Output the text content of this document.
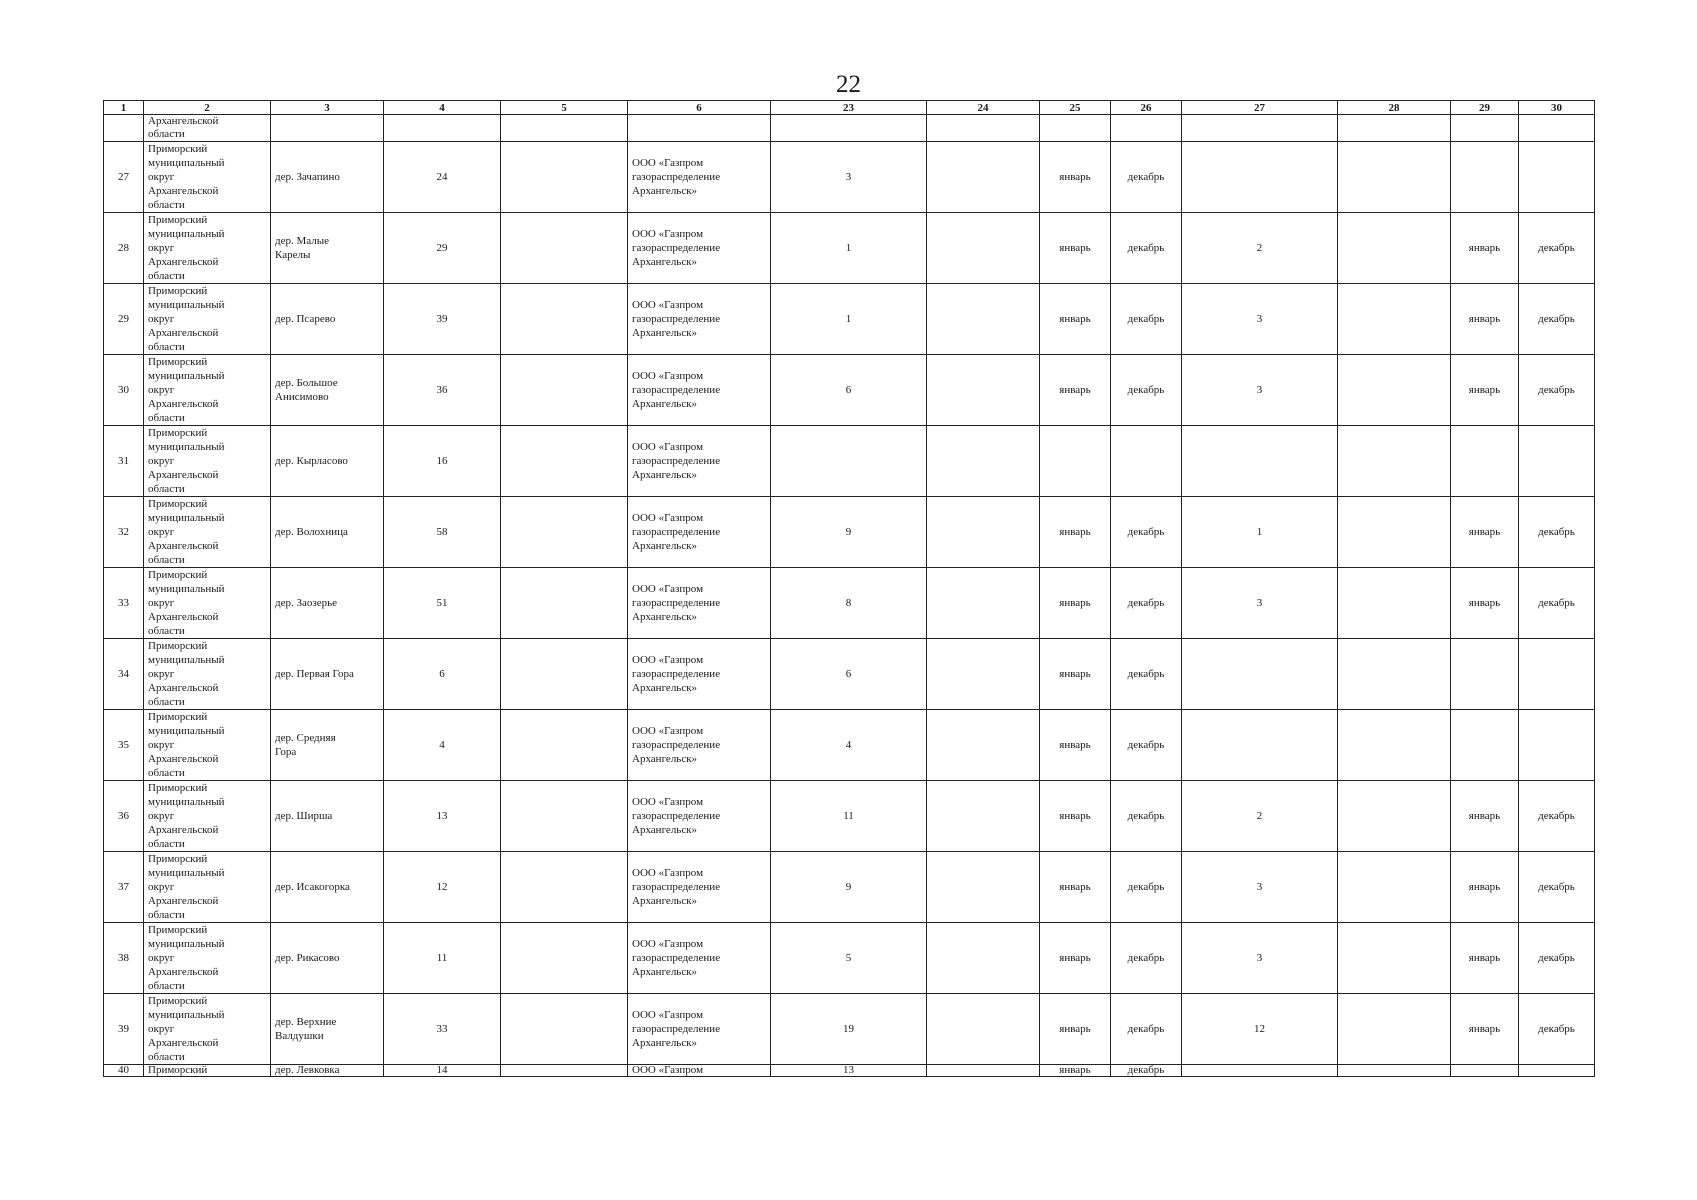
22
1	2	3	4	5	6	23	24	25	26	27	28	29	30

	Архангельской
области												

27	Приморский
муниципальный
округ
Архангельской
области	дер. Зачапино	24		ООО «Газпром
газораспределение
Архангельск»	3		январь	декабрь				
28	Приморский
муниципальный
округ
Архангельской
области	дер. Малые
Карелы	29		ООО «Газпром
газораспределение
Архангельск»	1		январь	декабрь	2		январь	декабрь
29	Приморский
муниципальный
округ
Архангельской
области	дер. Псарево	39		ООО «Газпром
газораспределение
Архангельск»	1		январь	декабрь	3		январь	декабрь
30	Приморский
муниципальный
округ
Архангельской
области	дер. Большое
Анисимово	36		ООО «Газпром
газораспределение
Архангельск»	6		январь	декабрь	3		январь	декабрь
31	Приморский
муниципальный
округ
Архангельской
области	дер. Кырласово	16		ООО «Газпром
газораспределение
Архангельск»								

32	Приморский
муниципальный
округ
Архангельской
области	дер. Волохница	58		ООО «Газпром
газораспределение
Архангельск»	9		январь	декабрь	1		январь	декабрь
33	Приморский
муниципальный
округ
Архангельской
области	дер. Заозерье	51		ООО «Газпром
газораспределение
Архангельск»	8		январь	декабрь	3		январь	декабрь
34	Приморский
муниципальный
округ
Архангельской
области	дер. Первая Гора	6		ООО «Газпром
газораспределение
Архангельск»	6		январь	декабрь				
35	Приморский
муниципальный
округ
Архангельской
области	дер. Средняя
Гора	4		ООО «Газпром
газораспределение
Архангельск»	4		январь	декабрь				
36	Приморский
муниципальный
округ
Архангельской
области	дер. Ширша	13		ООО «Газпром
газораспределение
Архангельск»	11		январь	декабрь	2		январь	декабрь
37	Приморский
муниципальный
округ
Архангельской
области	дер. Исакогорка	12		ООО «Газпром
газораспределение
Архангельск»	9		январь	декабрь	3		январь	декабрь
38	Приморский
муниципальный
округ
Архангельской
области	дер. Рикасово	11		ООО «Газпром
газораспределение
Архангельск»	5		январь	декабрь	3		январь	декабрь
39	Приморский
муниципальный
округ
Архангельской
области	дер. Верхние
Валдушки	33		ООО «Газпром
газораспределение
Архангельск»	19		январь	декабрь	12		январь	декабрь
40	Приморский	дер. Левковка	14		ООО «Газпром	13		январь	декабрь				
